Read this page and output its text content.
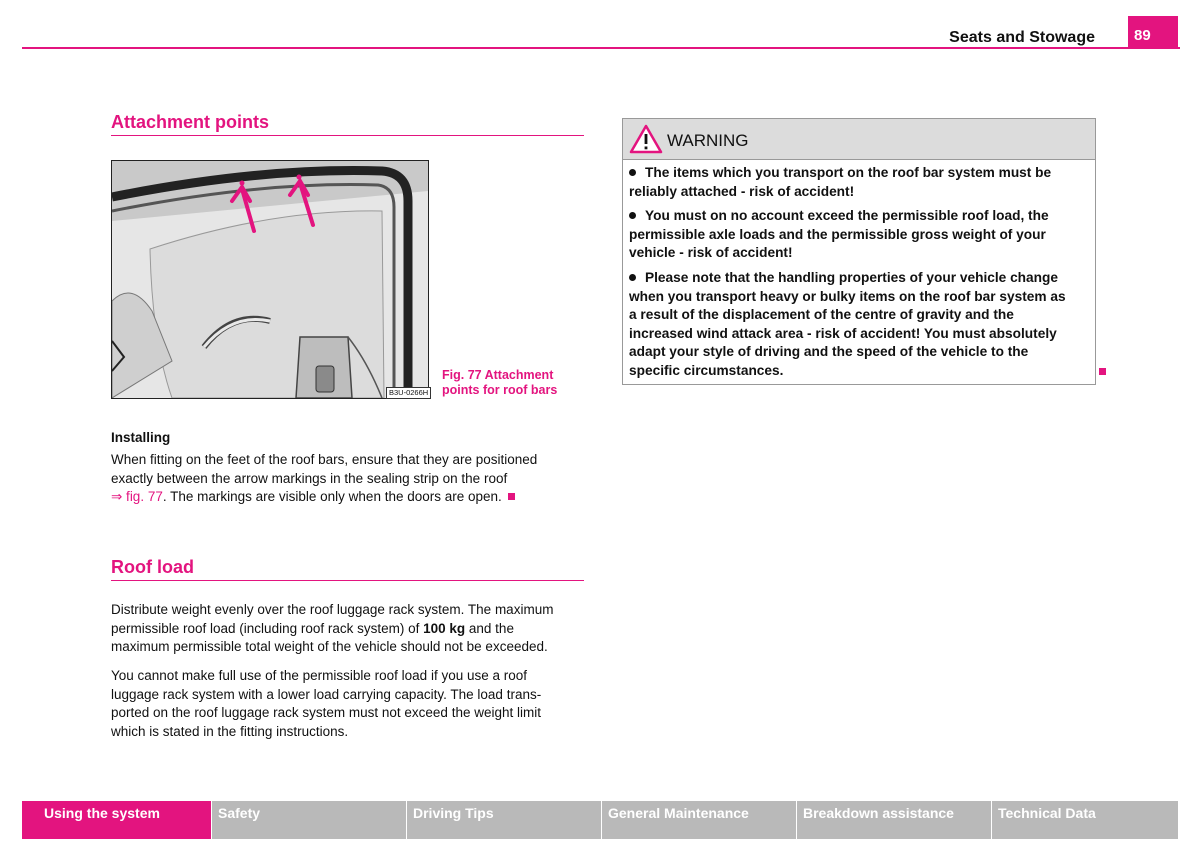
Seats and Stowage	89
Attachment points
B3U-0266H
Fig. 77 Attachment
points for roof bars
Installing
When fitting on the feet of the roof bars, ensure that they are positioned
exactly between the arrow markings in the sealing strip on the roof
⇒ fig. 77. The markings are visible only when the doors are open.
Roof load
Distribute weight evenly over the roof luggage rack system. The maximum
permissible roof load (including roof rack system) of 100 kg and the
maximum permissible total weight of the vehicle should not be exceeded.
You cannot make full use of the permissible roof load if you use a roof
luggage rack system with a lower load carrying capacity. The load trans-
ported on the roof luggage rack system must not exceed the weight limit
which is stated in the fitting instructions.
WARNING
The items which you transport on the roof bar system must be
reliably attached - risk of accident!
You must on no account exceed the permissible roof load, the
permissible axle loads and the permissible gross weight of your
vehicle - risk of accident!
Please note that the handling properties of your vehicle change
when you transport heavy or bulky items on the roof bar system as
a result of the displacement of the centre of gravity and the
increased wind attack area - risk of accident! You must absolutely
adapt your style of driving and the speed of the vehicle to the
specific circumstances.
Using the system	Safety	Driving Tips	General Maintenance	Breakdown assistance	Technical Data
